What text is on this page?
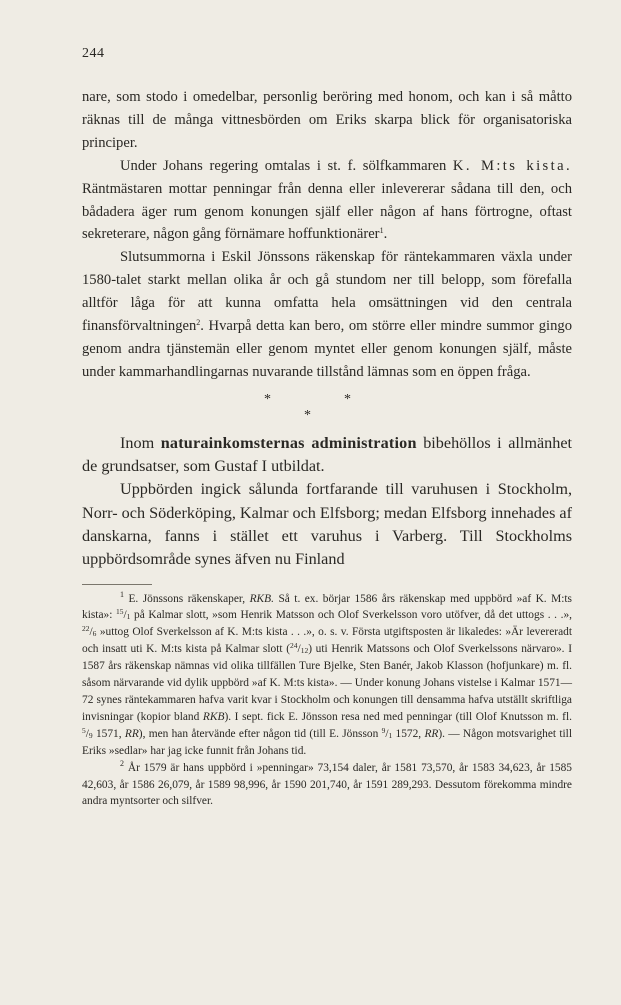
244

nare, som stodo i omedelbar, personlig beröring med honom, och kan i så måtto räknas till de många vittnesbörden om Eriks skarpa blick för organisatoriska principer.

Under Johans regering omtalas i st. f. sölfkammaren K. M:ts kista. Räntmästaren mottar penningar från denna eller inlevererar sådana till den, och bådadera äger rum genom konungen själf eller någon af hans förtrogne, oftast sekreterare, någon gång förnämare hoffunktionärer$^1$.

Slutsummorna i Eskil Jönssons räkenskap för räntekammaren växla under 1580-talet starkt mellan olika år och gå stundom ner till belopp, som förefalla alltför låga för att kunna omfatta hela omsättningen vid den centrala finansförvaltningen$^2$. Hvarpå detta kan bero, om större eller mindre summor gingo genom andra tjänstemän eller genom myntet eller genom konungen själf, måste under kammarhandlingarnas nuvarande tillstånd lämnas som en öppen fråga.

*	*
*

Inom naturainkomsternas administration bibehöllos i allmänhet de grundsatser, som Gustaf I utbildat.

Uppbörden ingick sålunda fortfarande till varuhusen i Stockholm, Norr- och Söderköping, Kalmar och Elfsborg; medan Elfsborg innehades af danskarna, fanns i stället ett varuhus i Varberg. Till Stockholms uppbördsområde synes äfven nu Finland

$^1$ E. Jönssons räkenskaper, RKB. Så t. ex. börjar 1586 års räkenskap med uppbörd »af K. M:ts kista»: $^{15}/_1$ på Kalmar slott, »som Henrik Matsson och Olof Sverkelsson voro utöfver, då det uttogs . . .», $^{22}/_6$ »uttog Olof Sverkelsson af K. M:ts kista . . .», o. s. v. Första utgiftsposten är likaledes: »Är levereradt och insatt uti K. M:ts kista på Kalmar slott $(^{24}/_{12})$ uti Henrik Matssons och Olof Sverkelssons närvaro». I 1587 års räkenskap nämnas vid olika tillfällen Ture Bjelke, Sten Banér, Jakob Klasson (hofjunkare) m. fl. såsom närvarande vid dylik uppbörd »af K. M:ts kista». — Under konung Johans vistelse i Kalmar 1571—72 synes räntekammaren hafva varit kvar i Stockholm och konungen till densamma hafva utställt skriftliga invisningar (kopior bland RKB). I sept. fick E. Jönsson resa ned med penningar (till Olof Knutsson m. fl. $^5/_9$ 1571, RR), men han återvände efter någon tid (till E. Jönsson $^9/_1$ 1572, RR). — Någon motsvarighet till Eriks »sedlar» har jag icke funnit från Johans tid.

$^2$ År 1579 är hans uppbörd i »penningar» 73,154 daler, år 1581 73,570, år 1583 34,623, år 1585 42,603, år 1586 26,079, år 1589 98,996, år 1590 201,740, år 1591 289,293. Dessutom förekomma mindre andra myntsorter och silfver.
